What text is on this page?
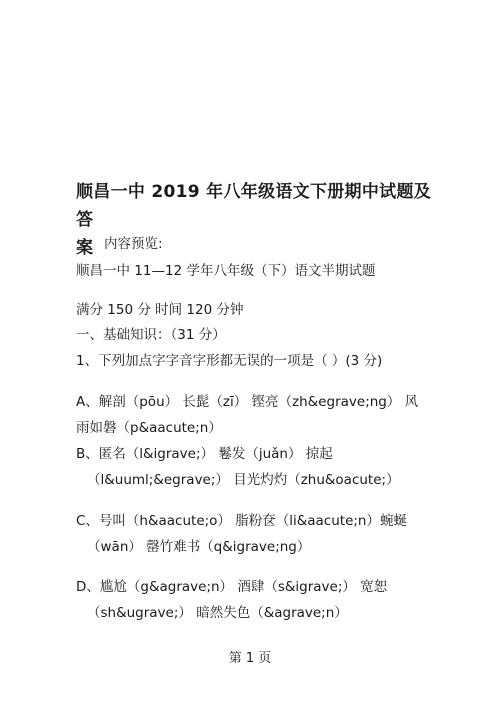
顺昌一中 2019 年八年级语文下册期中试题及答
案 内容预览:
顺昌一中 11—12 学年八年级（下）语文半期试题
满分 150 分 时间 120 分钟
一、基础知识：（31 分）
1、下列加点字字音字形都无误的一项是（ ）(3 分)
A、解剖（pōu） 长髭（zī） 铿亮（zh&egrave;ng） 风
雨如磐（p&aacute;n）
B、匿名（l&igrave;） 鬈发（juǎn） 掠起
（l&uuml;&egrave;） 目光灼灼（zhu&oacute;）
C、号叫（h&aacute;o） 脂粉奁（li&aacute;n）蜿蜒
（wān） 罄竹难书（q&igrave;ng）
D、尴尬（g&agrave;n） 酒肆（s&igrave;） 宽恕
（sh&ugrave;） 暗然失色（&agrave;n）
第 1 页
